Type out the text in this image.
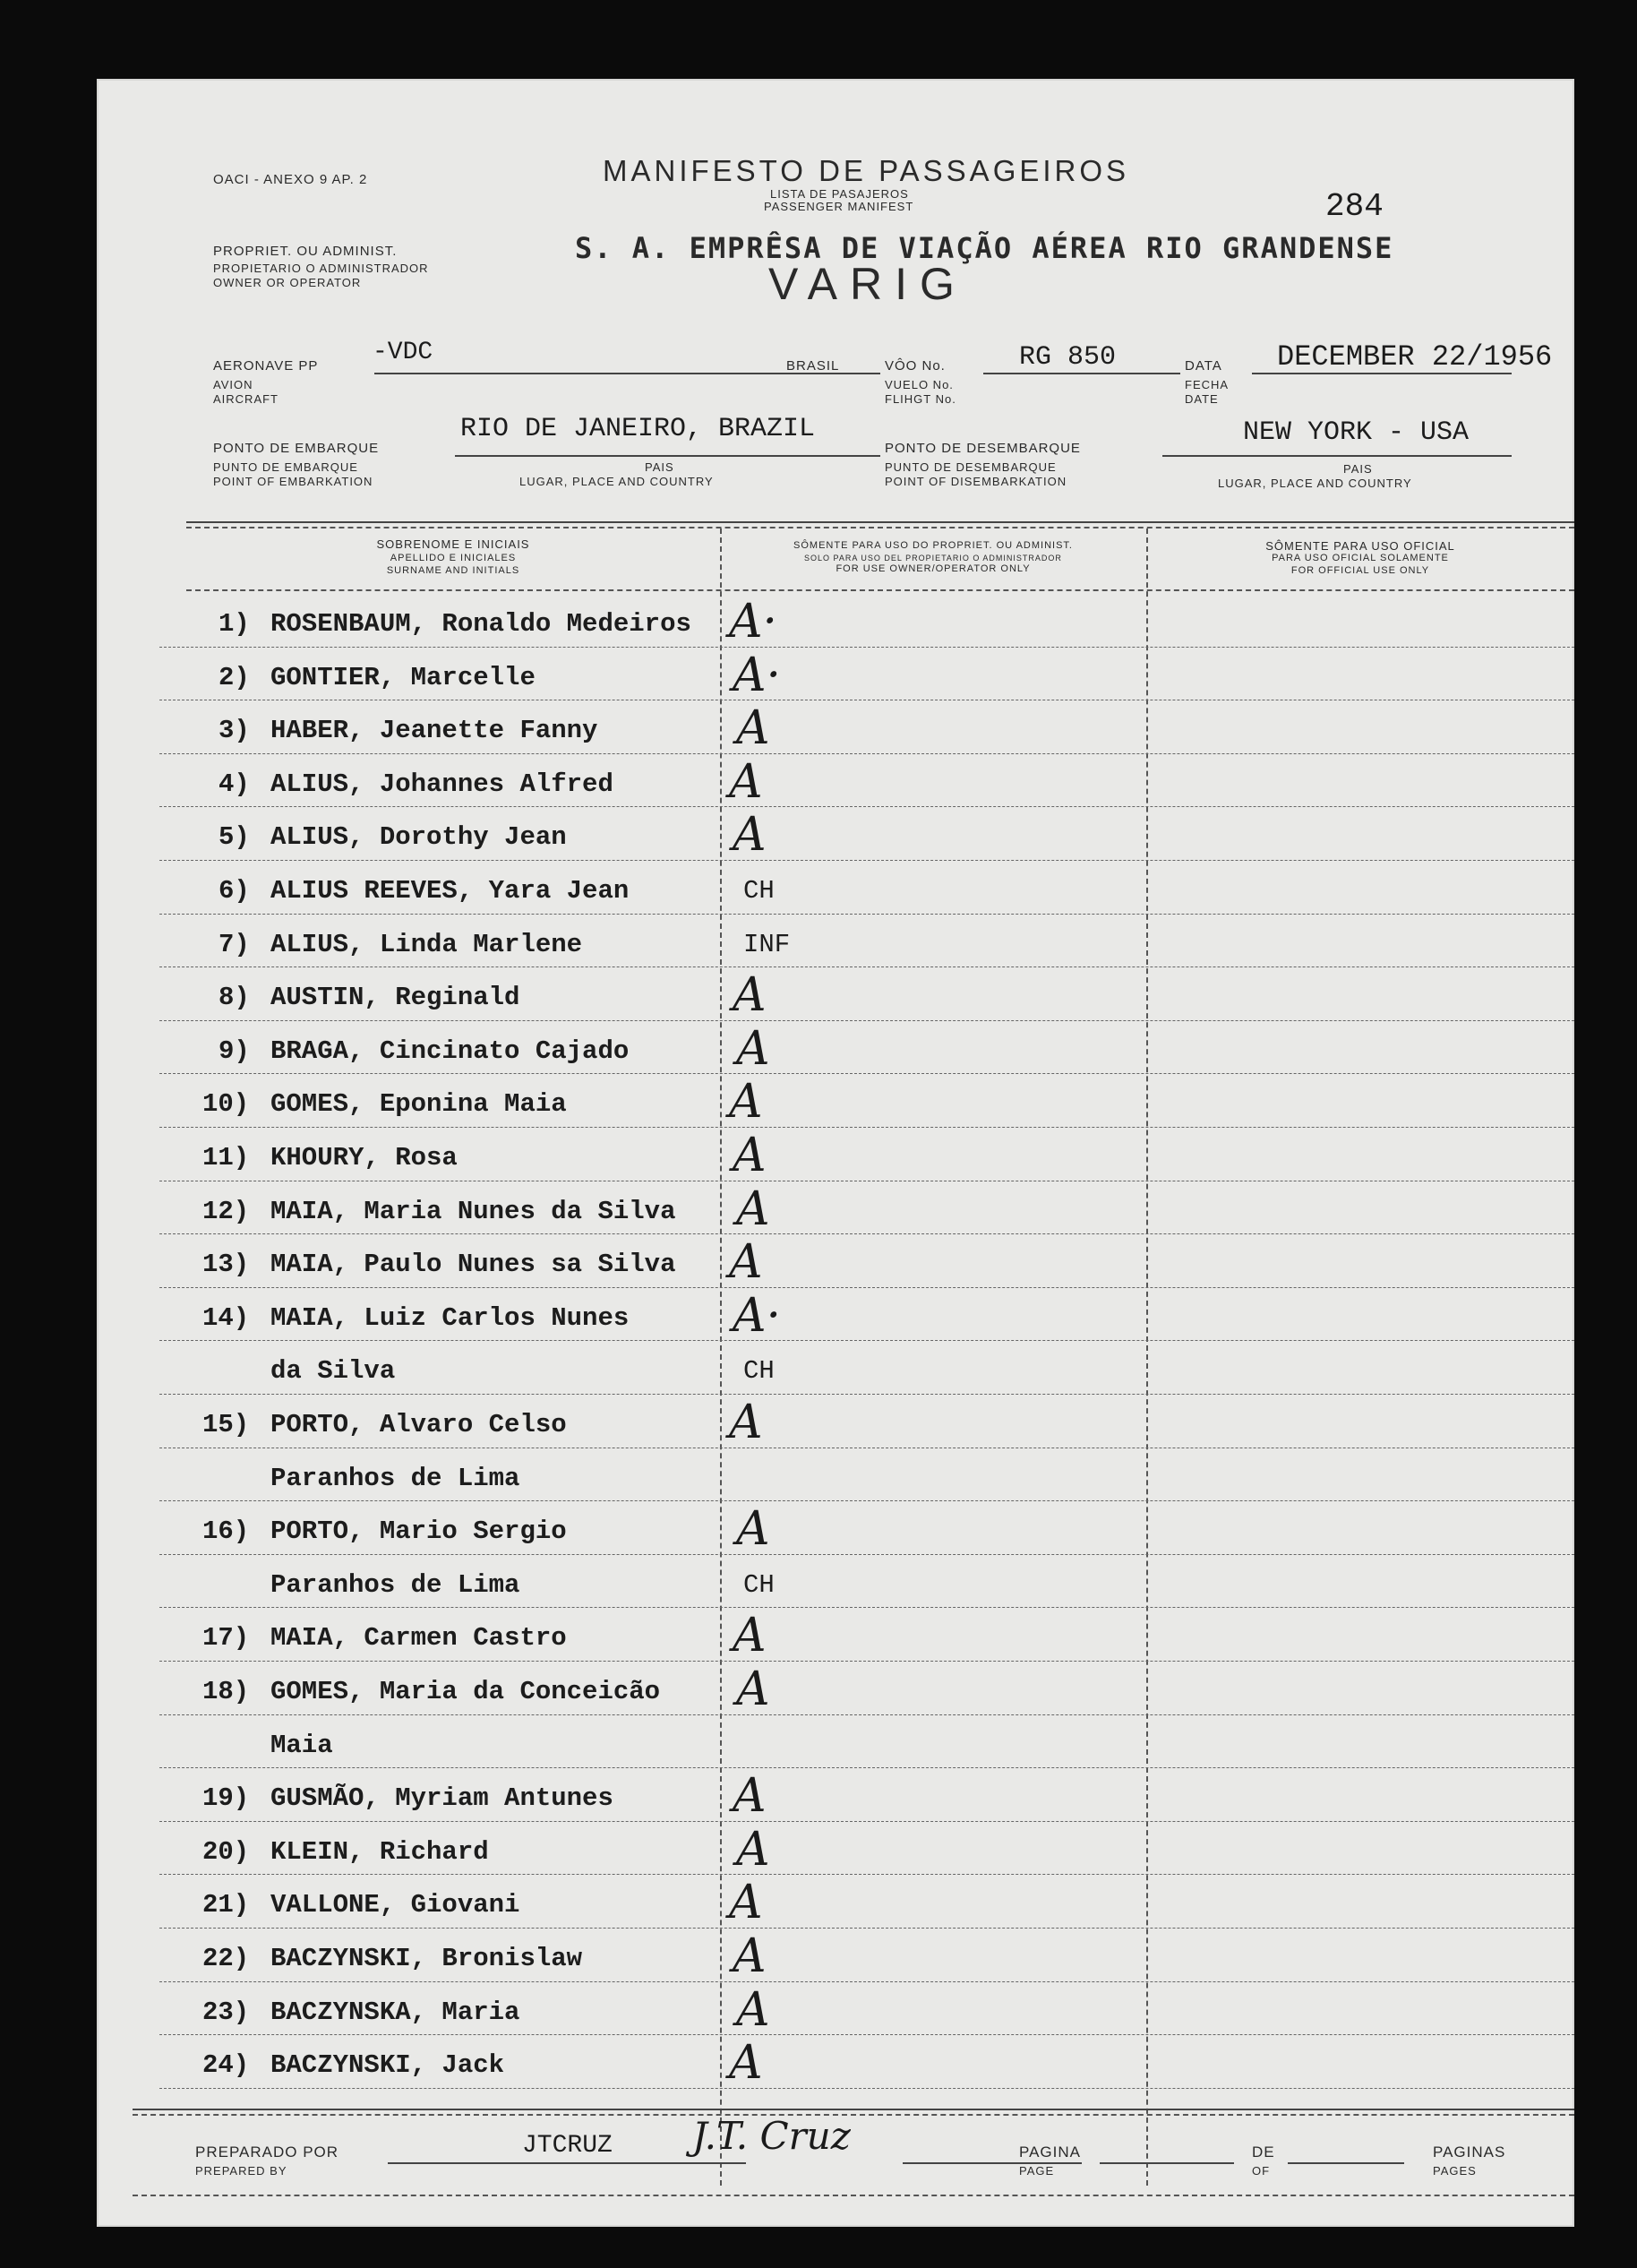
OACI - ANEXO 9 AP. 2	MANIFESTO DE PASSAGEIROS
LISTA DE PASAJEROS
PASSENGER MANIFEST	284
PROPRIET. OU ADMINIST.
PROPIETARIO O ADMINISTRADOR
OWNER OR OPERATOR
S. A. EMPRÊSA DE VIAÇÃO AÉREA RIO GRANDENSE
VARIG
AERONAVE PP
AVION
AIRCRAFT
-VDC	BRASIL	VÔO No.
VUELO No.
FLIHGT No.
RG 850	DATA
FECHA
DATE
DECEMBER 22/1956
PONTO DE EMBARQUE
PUNTO DE EMBARQUE
POINT OF EMBARKATION
RIO DE JANEIRO, BRAZIL
PAIS
LUGAR, PLACE AND COUNTRY
PONTO DE DESEMBARQUE
PUNTO DE DESEMBARQUE
POINT OF DISEMBARKATION
NEW YORK - USA
PAIS
LUGAR, PLACE AND COUNTRY
SOBRENOME E INICIAIS
APELLIDO E INICIALES
SURNAME AND INITIALS
SÔMENTE PARA USO DO PROPRIET. OU ADMINIST.
SOLO PARA USO DEL PROPIETARIO O ADMINISTRADOR
FOR USE OWNER/OPERATOR ONLY
SÔMENTE PARA USO OFICIAL
PARA USO OFICIAL SOLAMENTE
FOR OFFICIAL USE ONLY
1) ROSENBAUM, Ronaldo Medeiros A·
2) GONTIER, Marcelle	A·
3) HABER, Jeanette Fanny	A
4) ALIUS, Johannes Alfred A
5) ALIUS, Dorothy Jean	A
6) ALIUS REEVES, Yara Jean	CH
7) ALIUS, Linda Marlene	INF
8) AUSTIN, Reginald	A
9) BRAGA, Cincinato Cajado A
10) GOMES, Eponina Maia	A
11) KHOURY, Rosa	A
12) MAIA, Maria Nunes da Silva A
13) MAIA, Paulo Nunes sa Silva A
14) MAIA, Luiz Carlos Nunes A·
da Silva	CH
15) PORTO, Alvaro Celso	A
Paranhos de Lima
16) PORTO, Mario Sergio	A
Paranhos de Lima	CH
17) MAIA, Carmen Castro	A
18) GOMES, Maria da Conceicão A
Maia
19) GUSMÃO, Myriam Antunes	A
20) KLEIN, Richard	A
21) VALLONE, Giovani	A
22) BACZYNSKI, Bronislaw	A
23) BACZYNSKA, Maria	A
24) BACZYNSKI, Jack	A
PREPARADO POR
PREPARED BY
JTCRUZ J.T. Cruz	PAGINA
PAGE
DE
OF
PAGINAS
PAGES
